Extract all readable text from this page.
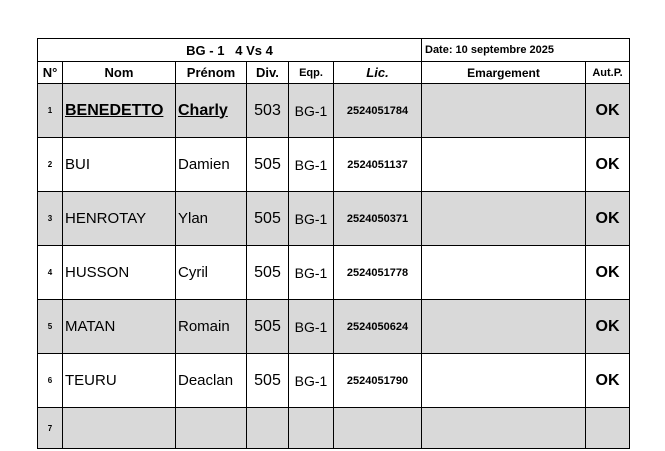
BG - 1   4 Vs 4						Date: 10 septembre 2025	
N°	Nom	Prénom	Div.	Eqp.	Lic.	Emargement	Aut.P.
1	BENEDETTO	Charly	503	BG-1	2524051784		OK
2	BUI	Damien	505	BG-1	2524051137		OK
3	HENROTAY	Ylan	505	BG-1	2524050371		OK
4	HUSSON	Cyril	505	BG-1	2524051778		OK
5	MATAN	Romain	505	BG-1	2524050624		OK
6	TEURU	Deaclan	505	BG-1	2524051790		OK
7							
